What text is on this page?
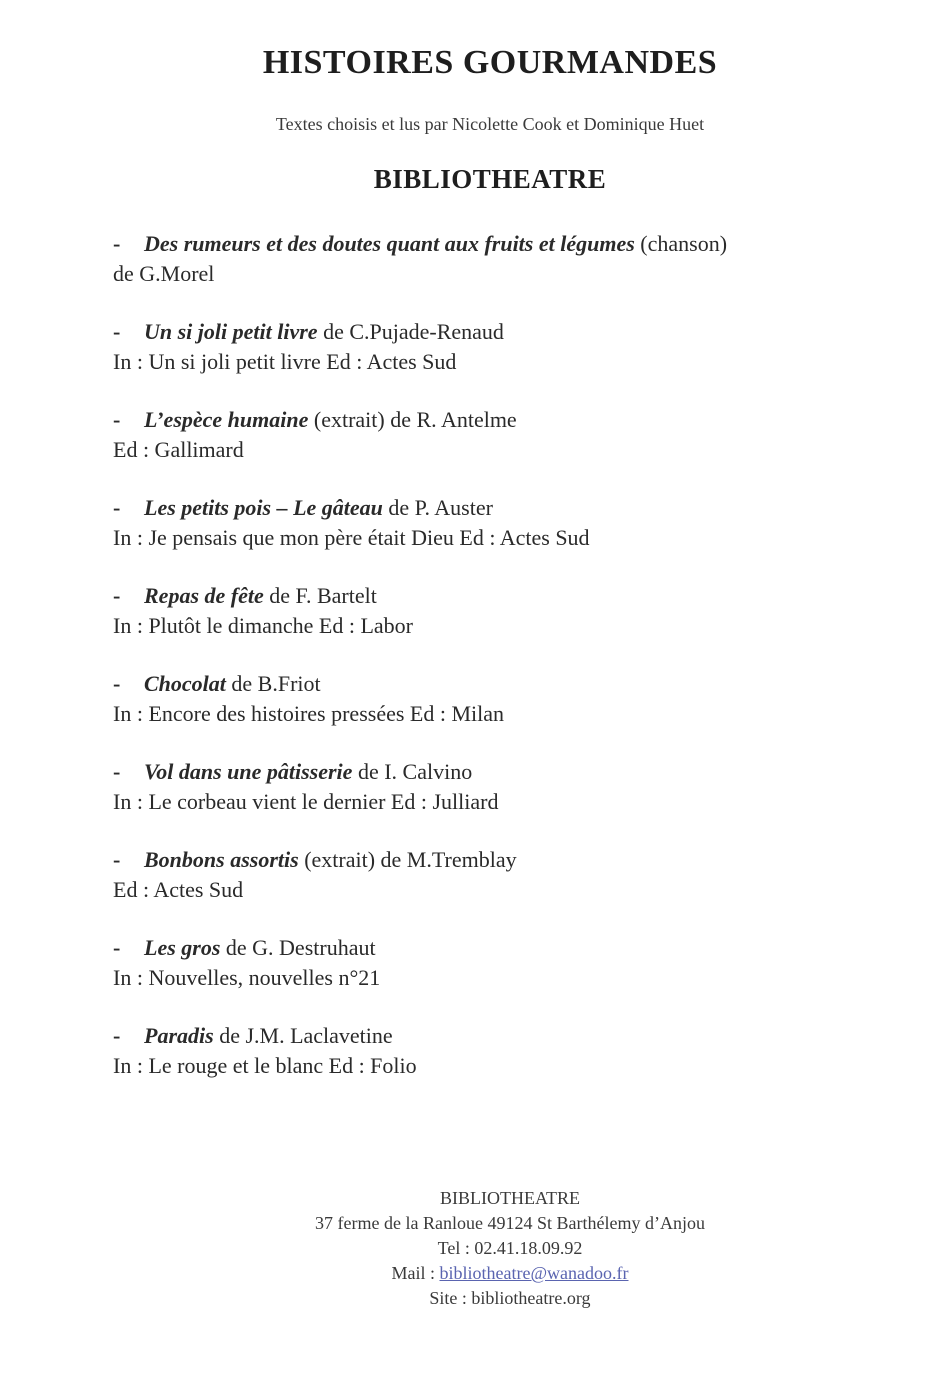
HISTOIRES GOURMANDES
Textes choisis et lus par Nicolette Cook et Dominique Huet
BIBLIOTHEATRE
- Des rumeurs et des doutes quant aux fruits et légumes (chanson)
de G.Morel
- Un si joli petit livre de C.Pujade-Renaud
In : Un si joli petit livre Ed : Actes Sud
- L’espèce humaine (extrait) de R. Antelme
Ed : Gallimard
- Les petits pois – Le gâteau de P. Auster
In : Je pensais que mon père était Dieu Ed : Actes Sud
- Repas de fête de F. Bartelt
In : Plutôt le dimanche Ed : Labor
- Chocolat de B.Friot
In : Encore des histoires pressées Ed : Milan
- Vol dans une pâtisserie de I. Calvino
In : Le corbeau vient le dernier Ed : Julliard
- Bonbons assortis (extrait) de M.Tremblay
Ed : Actes Sud
- Les gros de G. Destruhaut
In : Nouvelles, nouvelles n°21
- Paradis de J.M. Laclavetine
In : Le rouge et le blanc Ed : Folio
BIBLIOTHEATRE
37 ferme de la Ranloue 49124 St Barthélemy d’Anjou
Tel : 02.41.18.09.92
Mail : bibliotheatre@wanadoo.fr
Site : bibliotheatre.org
